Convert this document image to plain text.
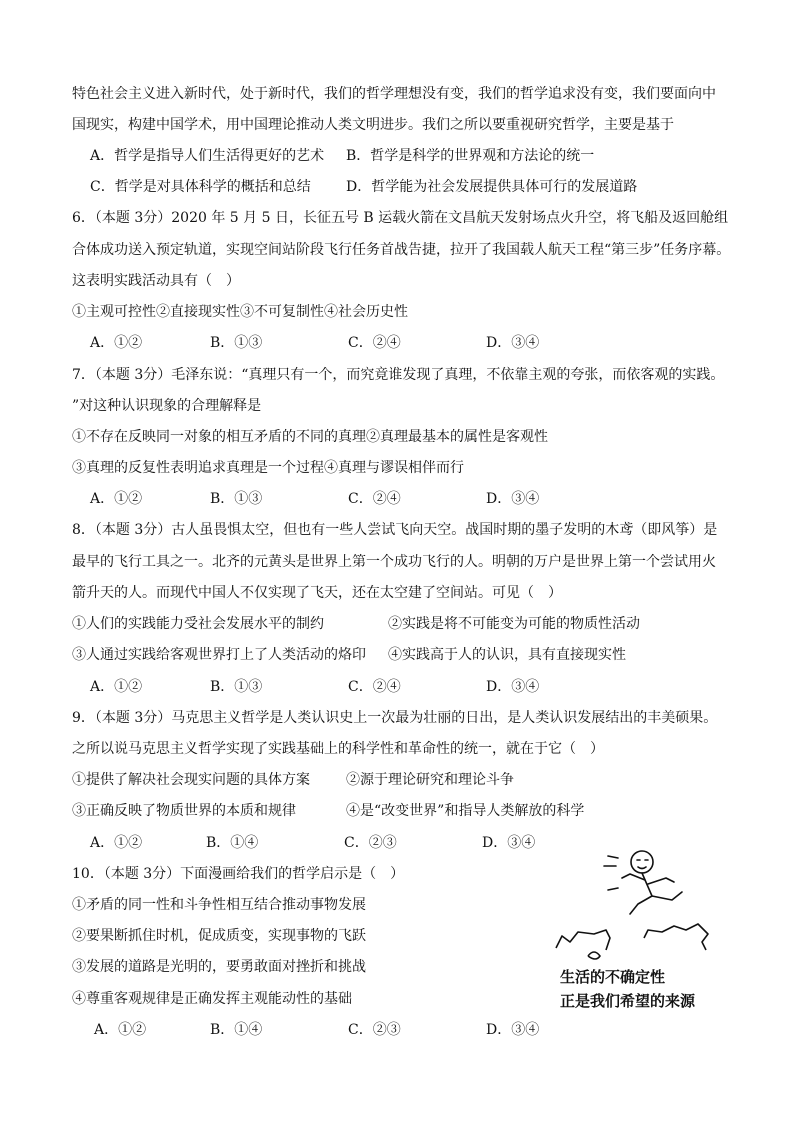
特色社会主义进入新时代，处于新时代，我们的哲学理想没有变，我们的哲学追求没有变，我们要面向中
国现实，构建中国学术，用中国理论推动人类文明进步。我们之所以要重视研究哲学，主要是基于
A．哲学是指导人们生活得更好的艺术 B．哲学是科学的世界观和方法论的统一
C．哲学是对具体科学的概括和总结	D．哲学能为社会发展提供具体可行的发展道路
6．（本题 3分）2020 年 5 月 5 日，长征五号 B 运载火箭在文昌航天发射场点火升空，将飞船及返回舱组
合体成功送入预定轨道，实现空间站阶段飞行任务首战告捷，拉开了我国载人航天工程“第三步”任务序幕。
这表明实践活动具有（　）
①主观可控性②直接现实性③不可复制性④社会历史性
A．①②	B．①③	C．②④	D．③④
7．（本题 3分）毛泽东说：“真理只有一个，而究竟谁发现了真理，不依靠主观的夸张，而依客观的实践。
”对这种认识现象的合理解释是
①不存在反映同一对象的相互矛盾的不同的真理②真理最基本的属性是客观性
③真理的反复性表明追求真理是一个过程④真理与谬误相伴而行
A．①②	B．①③	C．②④	D．③④
8．（本题 3分）古人虽畏惧太空，但也有一些人尝试飞向天空。战国时期的墨子发明的木鸢（即风筝）是
最早的飞行工具之一。北齐的元黄头是世界上第一个成功飞行的人。明朝的万户是世界上第一个尝试用火
箭升天的人。而现代中国人不仅实现了飞天，还在太空建了空间站。可见（　）
①人们的实践能力受社会发展水平的制约	②实践是将不可能变为可能的物质性活动
③人通过实践给客观世界打上了人类活动的烙印 ④实践高于人的认识，具有直接现实性
A．①②	B．①③	C．②④	D．③④
9．（本题 3分）马克思主义哲学是人类认识史上一次最为壮丽的日出，是人类认识发展结出的丰美硕果。
之所以说马克思主义哲学实现了实践基础上的科学性和革命性的统一，就在于它（　）
①提供了解决社会现实问题的具体方案	②源于理论研究和理论斗争
③正确反映了物质世界的本质和规律	④是“改变世界”和指导人类解放的科学
A．①②	B．①④	C．②③	D．③④
10．（本题 3分）下面漫画给我们的哲学启示是（　）
①矛盾的同一性和斗争性相互结合推动事物发展
②要果断抓住时机，促成质变，实现事物的飞跃
③发展的道路是光明的，要勇敢面对挫折和挑战
④尊重客观规律是正确发挥主观能动性的基础
A．①②	B．①④	C．②③	D．③④
生活的不确定性
正是我们希望的来源
